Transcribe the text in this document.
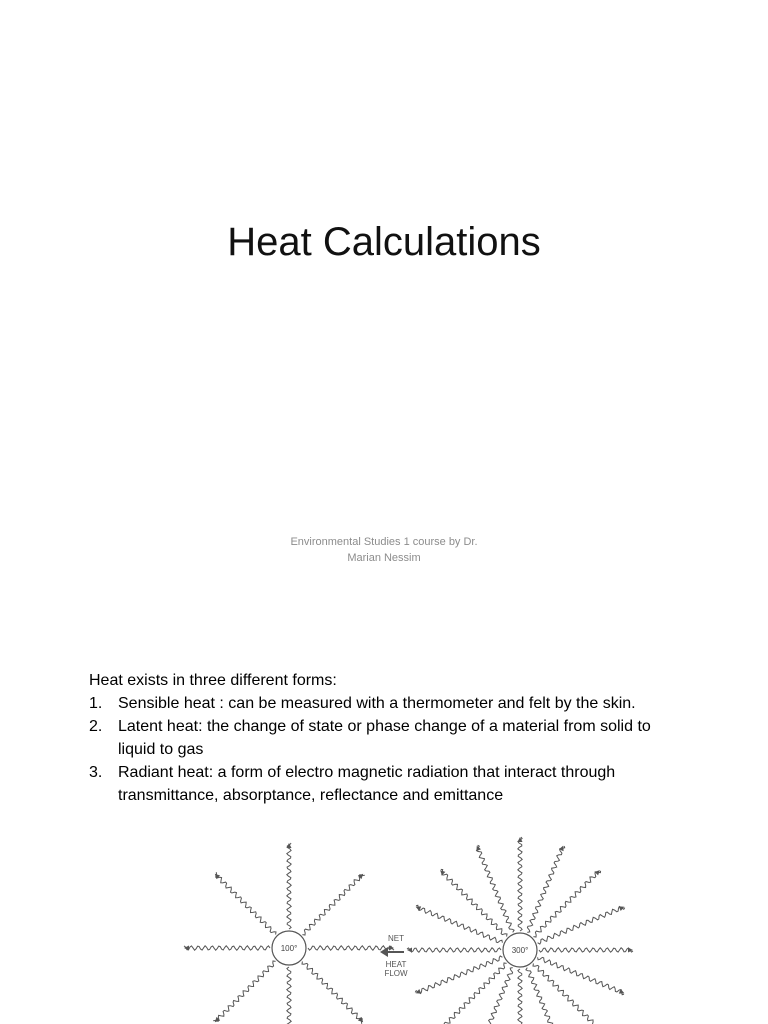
Heat Calculations
Environmental Studies 1 course by Dr.
Marian Nessim
Heat exists in three different forms:
1. Sensible heat : can be measured with a thermometer and felt by the skin.
2. Latent heat: the change of state or phase change of a material from solid to liquid to gas
3. Radiant heat: a form of electro magnetic radiation that interact through transmittance, absorptance, reflectance and emittance
100°	300°
NET
HEAT
FLOW
